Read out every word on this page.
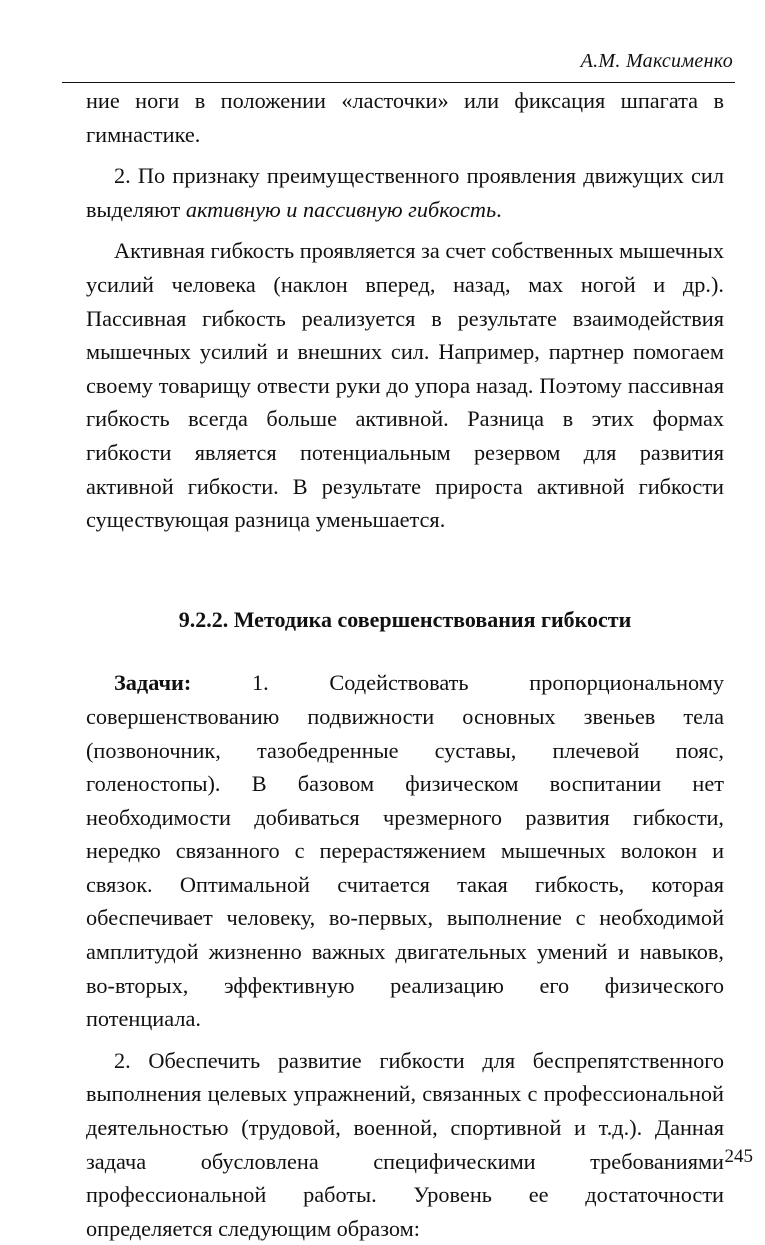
А.М. Максименко

ние ноги в положении «ласточки» или фиксация шпагата в гимнастике.

2. По признаку преимущественного проявления движущих сил выделяют активную и пассивную гибкость.

Активная гибкость проявляется за счет собственных мышечных усилий человека (наклон вперед, назад, мах ногой и др.). Пассивная гибкость реализуется в результате взаимодействия мышечных усилий и внешних сил. Например, партнер помогаем своему товарищу отвести руки до упора назад. Поэтому пассивная гибкость всегда больше активной. Разница в этих формах гибкости является потенциальным резервом для развития активной гибкости. В результате прироста активной гибкости существующая разница уменьшается.

9.2.2. Методика совершенствования гибкости

Задачи: 1. Содействовать пропорциональному совершенствованию подвижности основных звеньев тела (позвоночник, тазобедренные суставы, плечевой пояс, голеностопы). В базовом физическом воспитании нет необходимости добиваться чрезмерного развития гибкости, нередко связанного с перерастяжением мышечных волокон и связок. Оптимальной считается такая гибкость, которая обеспечивает человеку, во-первых, выполнение с необходимой амплитудой жизненно важных двигательных умений и навыков, во-вторых, эффективную реализацию его физического потенциала.

2. Обеспечить развитие гибкости для беспрепятственного выполнения целевых упражнений, связанных с профессиональной деятельностью (трудовой, военной, спортивной и т.д.). Данная задача обусловлена специфическими требованиями профессиональной работы. Уровень ее достаточности определяется следующим образом:

245
